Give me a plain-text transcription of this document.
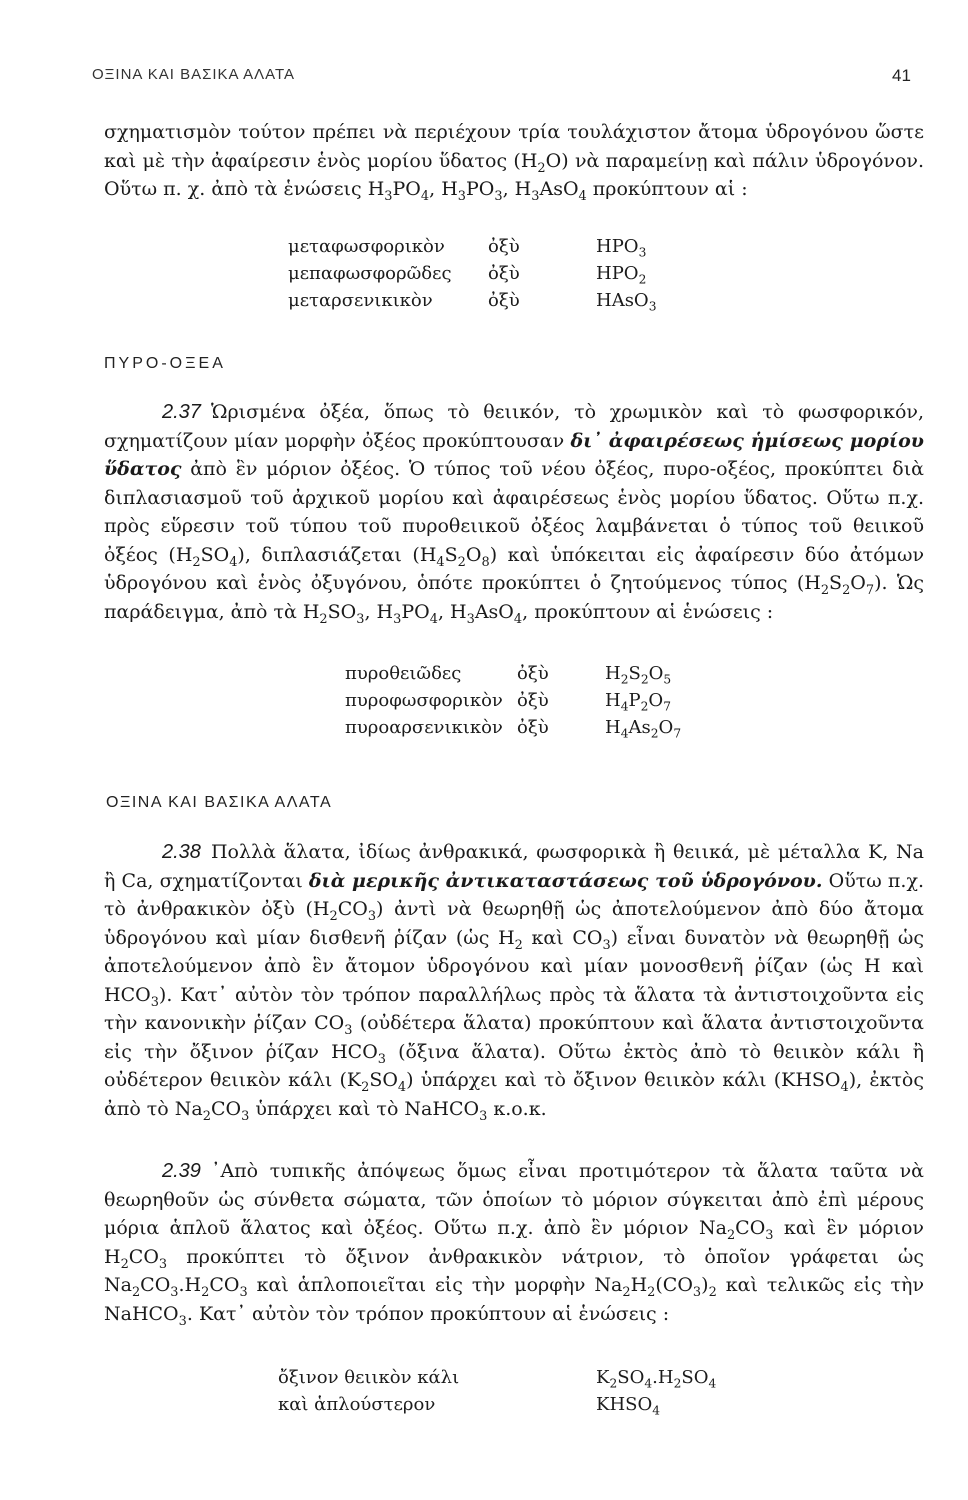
ΟΞΙΝΑ ΚΑΙ ΒΑΣΙΚΑ ΑΛΑΤΑ	41

σχηματισμὸν τούτον πρέπει νὰ περιέχουν τρία τουλάχιστον ἄτομα ὑδρογόνου ὥστε καὶ μὲ τὴν ἀφαίρεσιν ἑνὸς μορίου ὕδατος $(H_2O)$ νὰ παραμείνῃ καὶ πάλιν ὑδρογόνον. Οὕτω π. χ. ἀπὸ τὰ ἑνώσεις $H_3PO_4$, $H_3PO_3$, $H_3AsO_4$ προκύπτουν αἱ :

μεταφωσφορικὸν	ὀξὺ	$HPO_3$
μεπαφωσφορῶδες	ὀξὺ	$HPO_2$
μεταρσενικικὸν	ὀξὺ	HAsO$_3$
ΠΥΡΟ-ΟΞΕΑ

2.37 Ὡρισμένα ὀξέα, ὅπως τὸ θειικόν, τὸ χρωμικὸν καὶ τὸ φωσφορικόν, σχηματίζουν μίαν μορφὴν ὀξέος προκύπτουσαν δι᾽ ἀφαιρέσεως ἡμίσεως μορίου ὕδατος ἀπὸ ἓν μόριον ὀξέος. Ὁ τύπος τοῦ νέου ὀξέος, πυρο-οξέος, προκύπτει διὰ διπλασιασμοῦ τοῦ ἀρχικοῦ μορίου καὶ ἀφαιρέσεως ἑνὸς μορίου ὕδατος. Οὕτω π.χ. πρὸς εὕρεσιν τοῦ τύπου τοῦ πυροθειικοῦ ὀξέος λαμβάνεται ὁ τύπος τοῦ θειικοῦ ὀξέος $(H_2SO_4)$, διπλασιάζεται $(H_4S_2O_8)$ καὶ ὑπόκειται εἰς ἀφαίρεσιν δύο ἀτόμων ὑδρογόνου καὶ ἑνὸς ὀξυγόνου, ὁπότε προκύπτει ὁ ζητούμενος τύπος $(H_2S_2O_7)$. Ὡς παράδειγμα, ἀπὸ τὰ $H_2SO_3$, $H_3PO_4$, $H_3AsO_4$, προκύπτουν αἱ ἑνώσεις :

πυροθειῶδες	ὀξὺ	$H_2S_2O_5$
πυροφωσφορικὸν	ὀξὺ	$H_4P_2O_7$
πυροαρσενικικὸν	ὀξὺ	$H_4As_2O_7$
ΟΞΙΝΑ ΚΑΙ ΒΑΣΙΚΑ ΑΛΑΤΑ

2.38 Πολλὰ ἅλατα, ἰδίως ἀνθρακικά, φωσφορικὰ ἢ θειικά, μὲ μέταλλα K, Na ἢ Ca, σχηματίζονται διὰ μερικῆς ἀντικαταστάσεως τοῦ ὑδρογόνου. Οὕτω π.χ. τὸ ἀνθρακικὸν ὀξὺ $(H_2CO_3)$ ἀντὶ νὰ θεωρηθῇ ὡς ἀποτελούμενον ἀπὸ δύο ἄτομα ὑδρογόνου καὶ μίαν δισθενῆ ῥίζαν (ὡς $H_2$ καὶ $CO_3$) εἶναι δυνατὸν νὰ θεωρηθῇ ὡς ἀποτελούμενον ἀπὸ ἓν ἄτομον ὑδρογόνου καὶ μίαν μονοσθενῆ ῥίζαν (ὡς H καὶ $HCO_3$). Κατ᾽ αὐτὸν τὸν τρόπον παραλλήλως πρὸς τὰ ἅλατα τὰ ἀντιστοιχοῦντα εἰς τὴν κανονικὴν ῥίζαν $CO_3$ (οὐδέτερα ἅλατα) προκύπτουν καὶ ἅλατα ἀντιστοιχοῦντα εἰς τὴν ὄξινον ῥίζαν $HCO_3$ (ὄξινα ἅλατα). Οὕτω ἐκτὸς ἀπὸ τὸ θειικὸν κάλι ἢ οὐδέτερον θειικὸν κάλι $(K_2SO_4)$ ὑπάρχει καὶ τὸ ὄξινον θειικὸν κάλι $(KHSO_4)$, ἐκτὸς ἀπὸ τὸ $Na_2CO_3$ ὑπάρχει καὶ τὸ NaHCO$_3$ κ.ο.κ.

2.39 ᾽Απὸ τυπικῆς ἀπόψεως ὅμως εἶναι προτιμότερον τὰ ἅλατα ταῦτα νὰ θεωρηθοῦν ὡς σύνθετα σώματα, τῶν ὁποίων τὸ μόριον σύγκειται ἀπὸ ἐπὶ μέρους μόρια ἁπλοῦ ἅλατος καὶ ὀξέος. Οὕτω π.χ. ἀπὸ ἓν μόριον $Na_2CO_3$ καὶ ἓν μόριον $H_2CO_3$ προκύπτει τὸ ὄξινον ἀνθρακικὸν νάτριον, τὸ ὁποῖον γράφεται ὡς $Na_2CO_3.H_2CO_3$ καὶ ἁπλοποιεῖται εἰς τὴν μορφὴν $Na_2H_2(CO_3)_2$ καὶ τελικῶς εἰς τὴν NaHCO$_3$. Κατ᾽ αὐτὸν τὸν τρόπον προκύπτουν αἱ ἑνώσεις :

ὄξινον θειικὸν κάλι	$K_2SO_4.H_2SO_4$
καὶ ἁπλούστερον	$KHSO_4$
